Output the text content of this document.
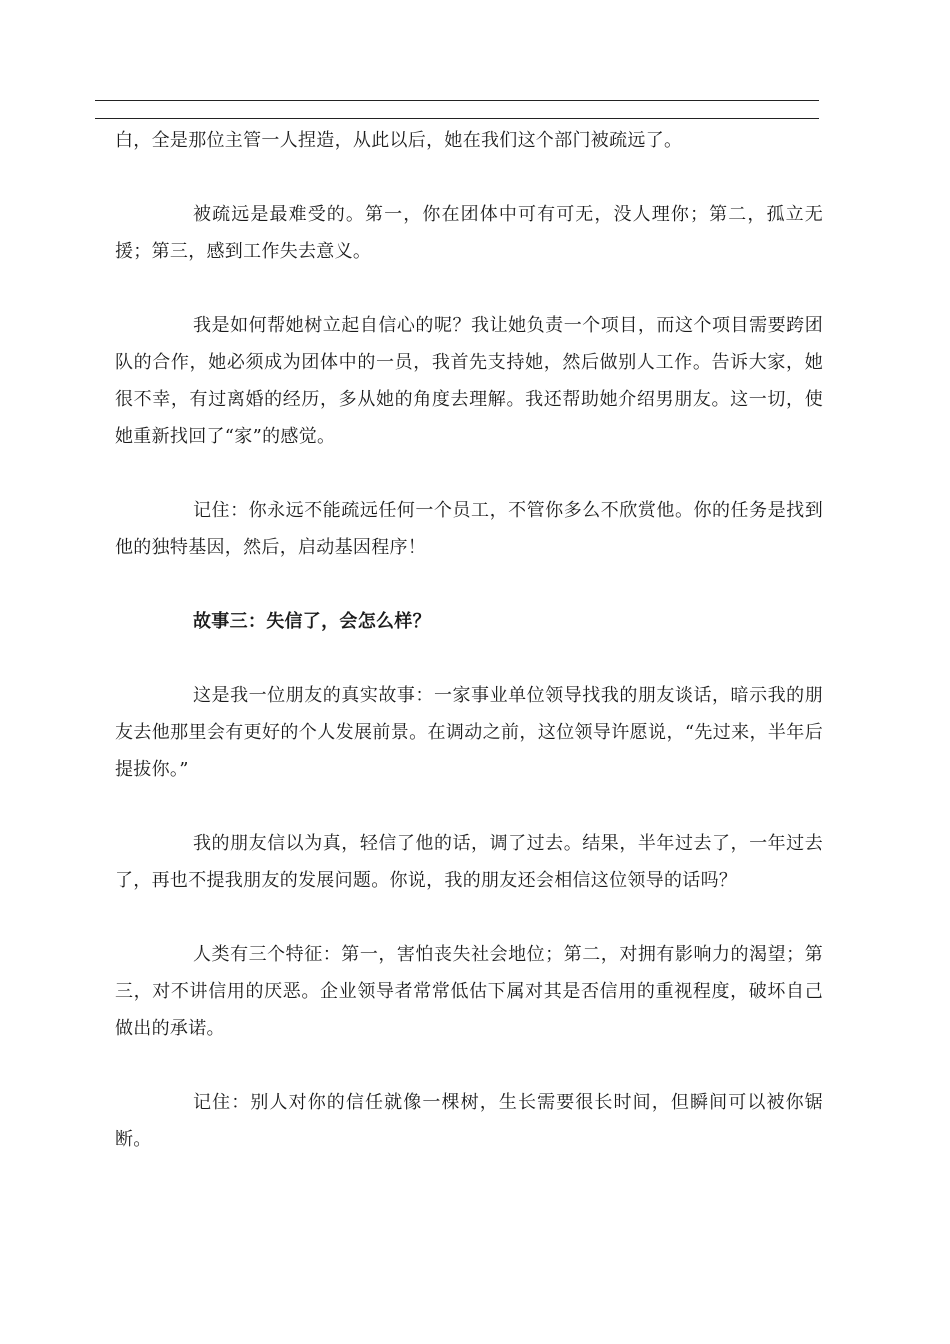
白，全是那位主管一人捏造，从此以后，她在我们这个部门被疏远了。

被疏远是最难受的。第一，你在团体中可有可无，没人理你；第二，孤立无援；第三，感到工作失去意义。

我是如何帮她树立起自信心的呢？我让她负责一个项目，而这个项目需要跨团队的合作，她必须成为团体中的一员，我首先支持她，然后做别人工作。告诉大家，她很不幸，有过离婚的经历，多从她的角度去理解。我还帮助她介绍男朋友。这一切，使她重新找回了“家”的感觉。

记住：你永远不能疏远任何一个员工，不管你多么不欣赏他。你的任务是找到他的独特基因，然后，启动基因程序！

故事三：失信了，会怎么样？

这是我一位朋友的真实故事：一家事业单位领导找我的朋友谈话，暗示我的朋友去他那里会有更好的个人发展前景。在调动之前，这位领导许愿说，“先过来，半年后提拔你。”

我的朋友信以为真，轻信了他的话，调了过去。结果，半年过去了，一年过去了，再也不提我朋友的发展问题。你说，我的朋友还会相信这位领导的话吗？

人类有三个特征：第一，害怕丧失社会地位；第二，对拥有影响力的渴望；第三，对不讲信用的厌恶。企业领导者常常低估下属对其是否信用的重视程度，破坏自己做出的承诺。

记住：别人对你的信任就像一棵树，生长需要很长时间，但瞬间可以被你锯断。
